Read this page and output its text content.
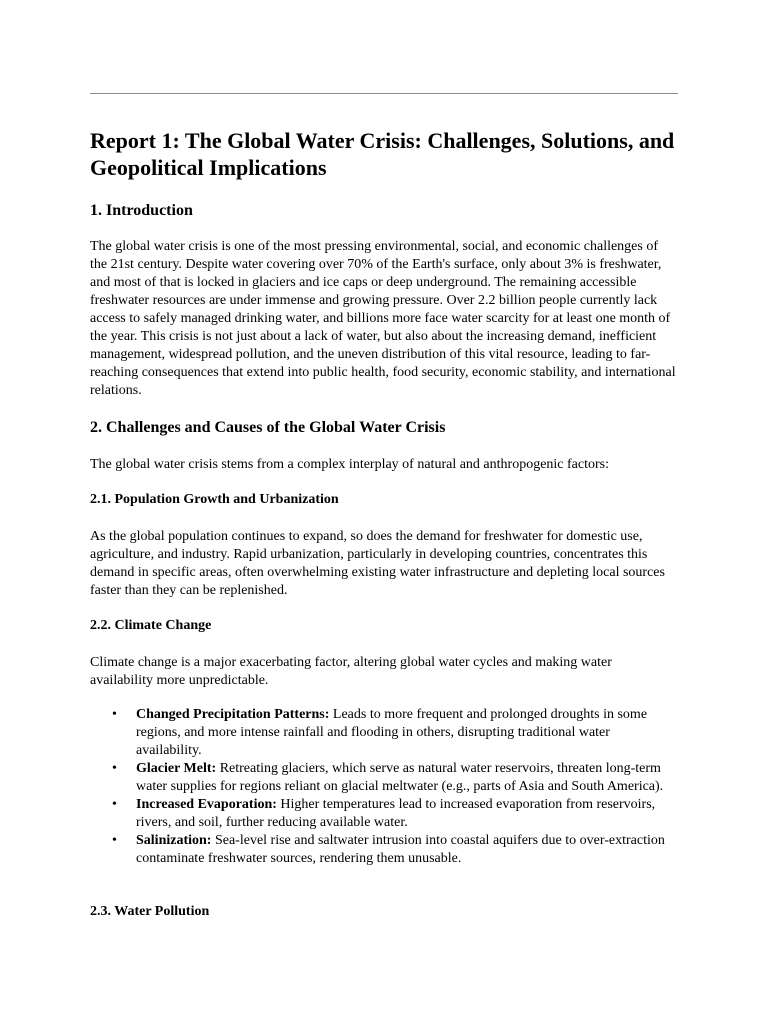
Report 1: The Global Water Crisis: Challenges, Solutions, and Geopolitical Implications
1. Introduction

The global water crisis is one of the most pressing environmental, social, and economic challenges of the 21st century. Despite water covering over 70% of the Earth's surface, only about 3% is freshwater, and most of that is locked in glaciers and ice caps or deep underground. The remaining accessible freshwater resources are under immense and growing pressure. Over 2.2 billion people currently lack access to safely managed drinking water, and billions more face water scarcity for at least one month of the year. This crisis is not just about a lack of water, but also about the increasing demand, inefficient management, widespread pollution, and the uneven distribution of this vital resource, leading to far-reaching consequences that extend into public health, food security, economic stability, and international relations.

2. Challenges and Causes of the Global Water Crisis

The global water crisis stems from a complex interplay of natural and anthropogenic factors:

2.1. Population Growth and Urbanization

As the global population continues to expand, so does the demand for freshwater for domestic use, agriculture, and industry. Rapid urbanization, particularly in developing countries, concentrates this demand in specific areas, often overwhelming existing water infrastructure and depleting local sources faster than they can be replenished.

2.2. Climate Change

Climate change is a major exacerbating factor, altering global water cycles and making water availability more unpredictable.

• Changed Precipitation Patterns: Leads to more frequent and prolonged droughts in some regions, and more intense rainfall and flooding in others, disrupting traditional water availability.
• Glacier Melt: Retreating glaciers, which serve as natural water reservoirs, threaten long-term water supplies for regions reliant on glacial meltwater (e.g., parts of Asia and South America).
• Increased Evaporation: Higher temperatures lead to increased evaporation from reservoirs, rivers, and soil, further reducing available water.
• Salinization: Sea-level rise and saltwater intrusion into coastal aquifers due to over-extraction contaminate freshwater sources, rendering them unusable.
2.3. Water Pollution
